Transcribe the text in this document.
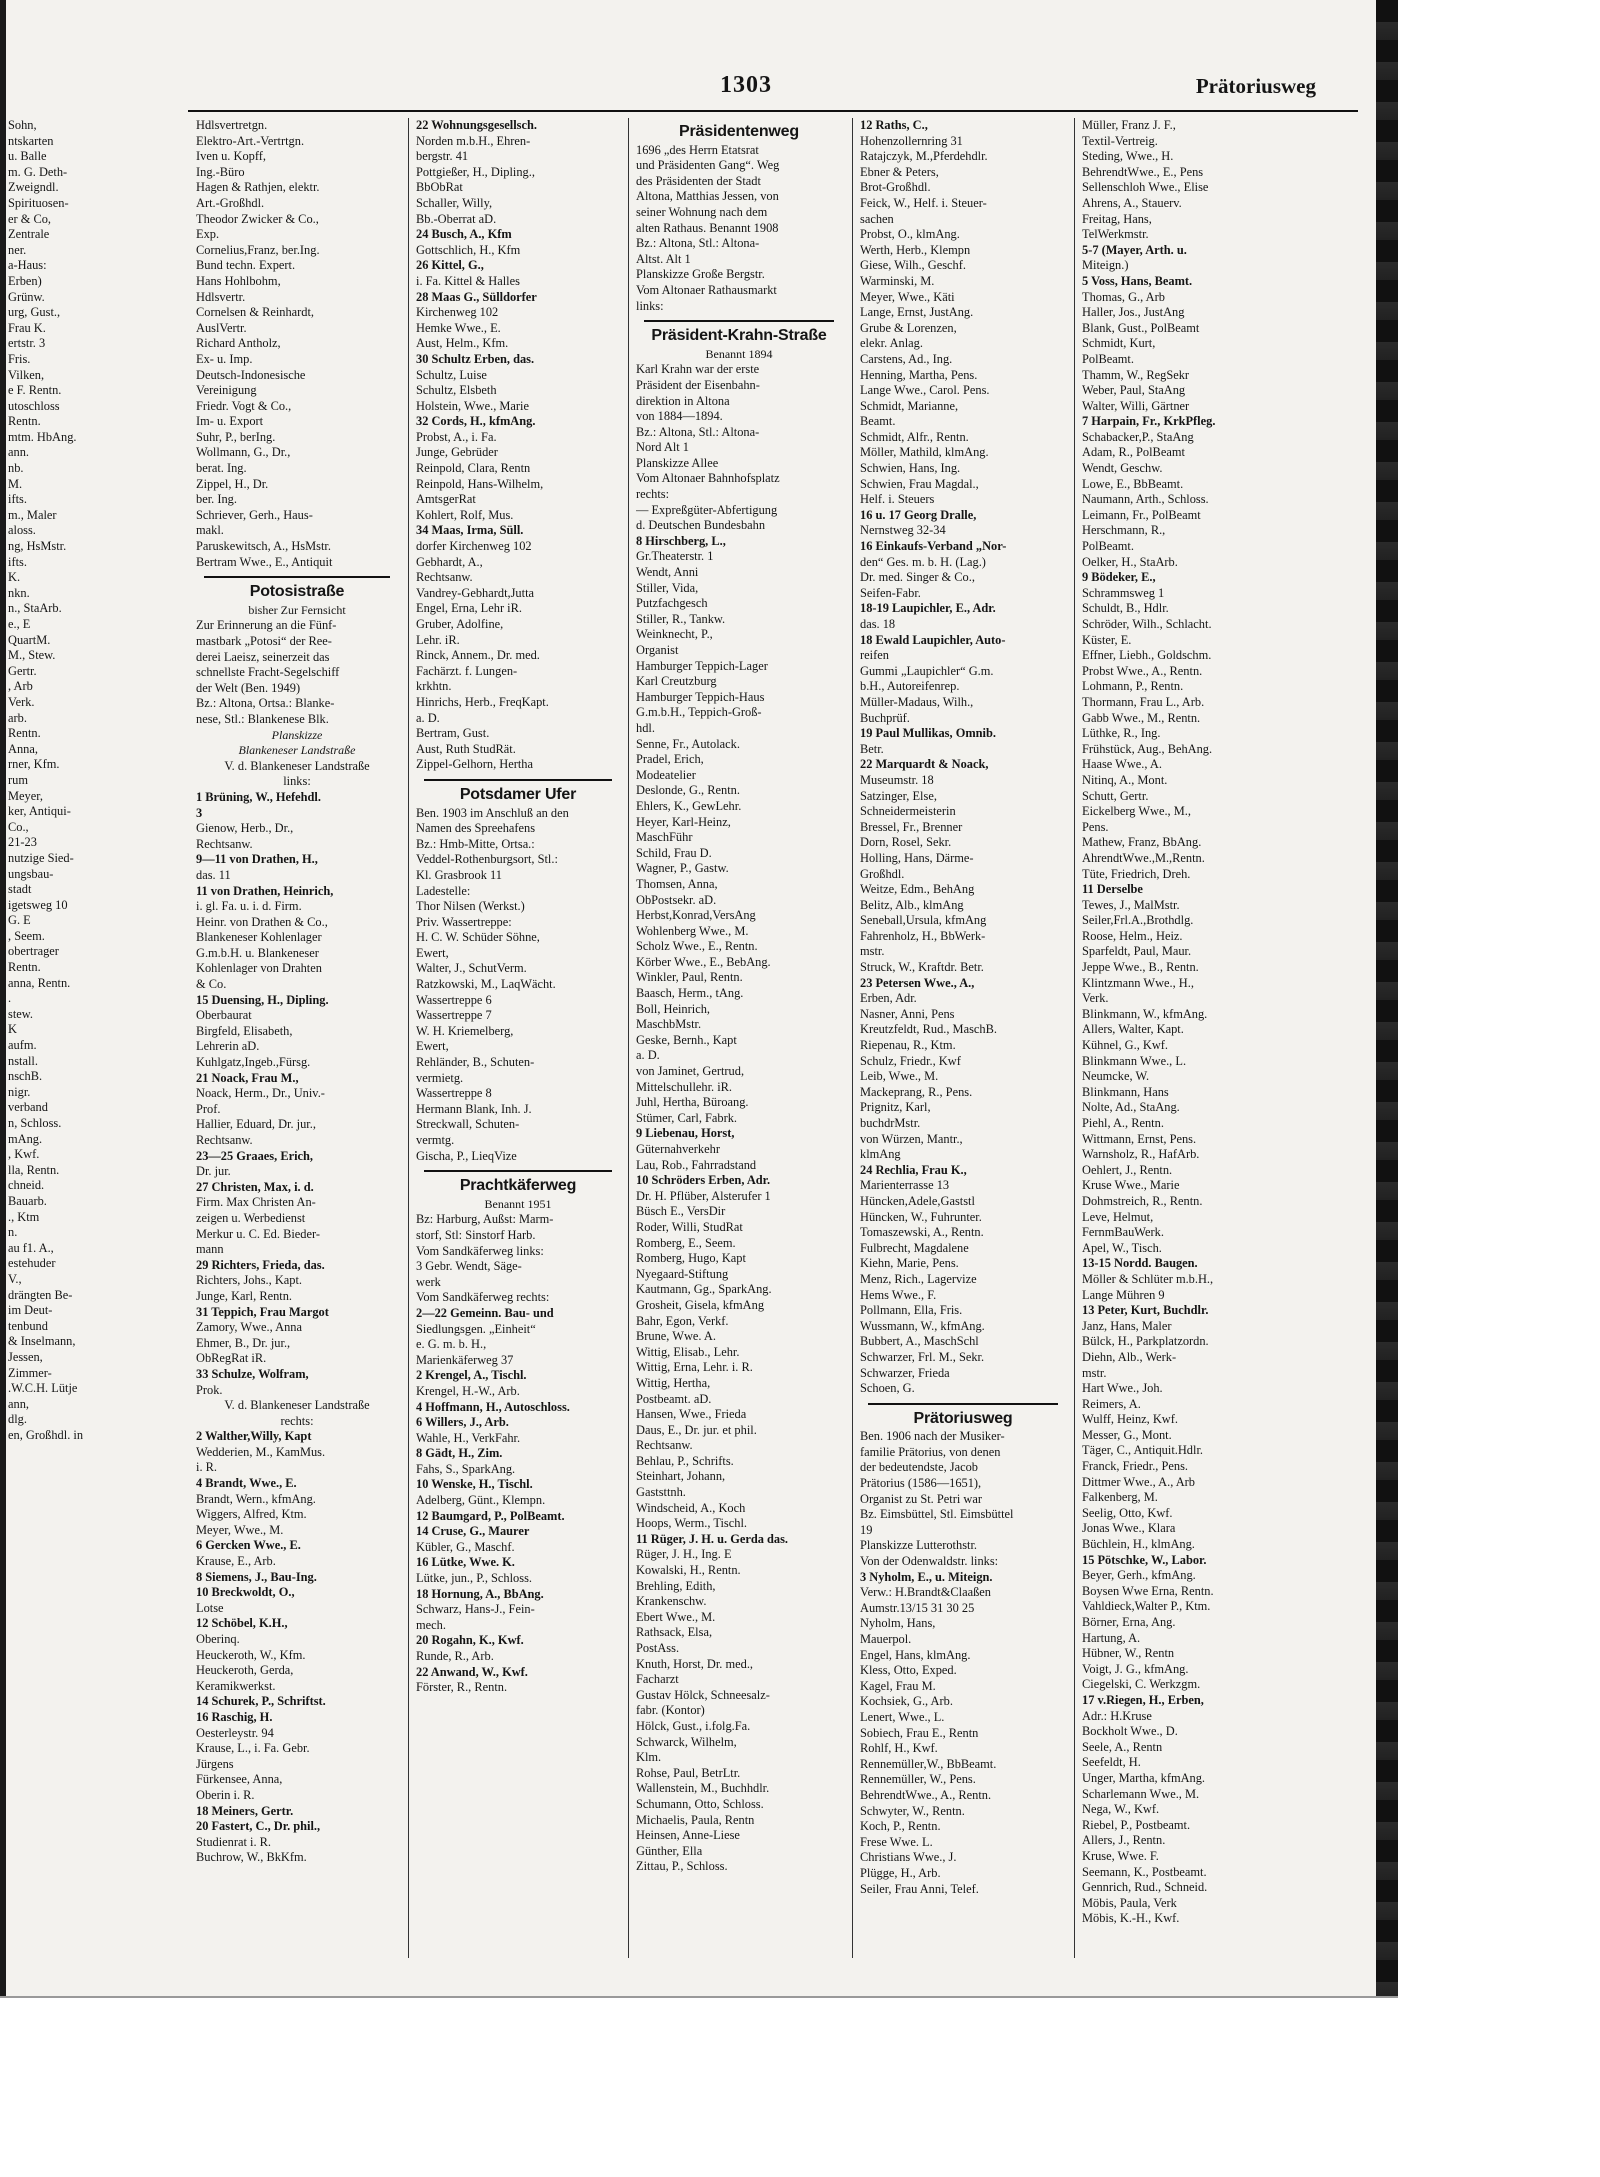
1303	Prätoriusweg
Sohn,
ntskarten
u. Balle
m. G. Deth-
Zweigndl.
Spirituosen-
er & Co,
Zentrale
ner.
a-Haus:
Erben)
Grünw.
urg, Gust.,
Frau K.
ertstr. 3
Fris.
Vilken,
e F. Rentn.
utoschloss
Rentn.
mtm. HbAng.
ann.
nb.
M.
ifts.
m., Maler
aloss.
ng, HsMstr.
ifts.
K.
nkn.
n., StaArb.
e., E
QuartM.
M., Stew.
Gertr.
, Arb
Verk.
arb.
Rentn.
Anna,
rner, Kfm.
rum
Meyer,
ker, Antiqui-
Co.,
21-23
nutzige Sied-
ungsbau-
stadt
igetsweg 10
G. E
, Seem.
obertrager
Rentn.
anna, Rentn.
.
stew.
K
aufm.
nstall.
nschB.
nigr.
verband
n, Schloss.
mAng.
, Kwf.
lla, Rentn.
chneid.
Bauarb.
., Ktm
n.
au f1. A.,
estehuder
V.,
drängten Be-
im Deut-
tenbund
& Inselmann,
Jessen,
Zimmer-
.W.C.H. Lütje
ann,
dlg.
en, Großhdl. in
Hdlsvertretgn.
Elektro-Art.-Vertrtgn.
Iven u. Kopff,
Ing.-Büro
Hagen & Rathjen, elektr.
Art.-Großhdl.
Theodor Zwicker & Co.,
Exp.
Cornelius,Franz, ber.Ing.
Bund techn. Expert.
Hans Hohlbohm,
Hdlsvertr.
Cornelsen & Reinhardt,
AuslVertr.
Richard Antholz,
Ex- u. Imp.
Deutsch-Indonesische
Vereinigung
Friedr. Vogt & Co.,
Im- u. Export
Suhr, P., berIng.
Wollmann, G., Dr.,
berat. Ing.
Zippel, H., Dr.
ber. Ing.
Schriever, Gerh., Haus-
makl.
Paruskewitsch, A., HsMstr.
Bertram Wwe., E., Antiquit
Potosistraße
bisher Zur Fernsicht
Zur Erinnerung an die Fünf-
mastbark „Potosi“ der Ree-
derei Laeisz, seinerzeit das
schnellste Fracht-Segelschiff
der Welt (Ben. 1949)
Bz.: Altona, Ortsa.: Blanke-
nese, Stl.: Blankenese Blk.
Planskizze
Blankeneser Landstraße
V. d. Blankeneser Landstraße
links:
1 Brüning, W., Hefehdl.
3
Gienow, Herb., Dr.,
Rechtsanw.
9—11 von Drathen, H.,
das. 11
11 von Drathen, Heinrich,
i. gl. Fa. u. i. d. Firm.
Heinr. von Drathen & Co.,
Blankeneser Kohlenlager
G.m.b.H. u. Blankeneser
Kohlenlager von Drahten
& Co.
15 Duensing, H., Dipling.
Oberbaurat
Birgfeld, Elisabeth,
Lehrerin aD.
Kuhlgatz,Ingeb.,Fürsg.
21 Noack, Frau M.,
Noack, Herm., Dr., Univ.-
Prof.
Hallier, Eduard, Dr. jur.,
Rechtsanw.
23—25 Graaes, Erich,
Dr. jur.
27 Christen, Max, i. d.
Firm. Max Christen An-
zeigen u. Werbedienst
Merkur u. C. Ed. Bieder-
mann
29 Richters, Frieda, das.
Richters, Johs., Kapt.
Junge, Karl, Rentn.
31 Teppich, Frau Margot
Zamory, Wwe., Anna
Ehmer, B., Dr. jur.,
ObRegRat iR.
33 Schulze, Wolfram,
Prok.
V. d. Blankeneser Landstraße
rechts:
2 Walther,Willy, Kapt
Wedderien, M., KamMus.
i. R.
4 Brandt, Wwe., E.
Brandt, Wern., kfmAng.
Wiggers, Alfred, Ktm.
Meyer, Wwe., M.
6 Gercken Wwe., E.
Krause, E., Arb.
8 Siemens, J., Bau-Ing.
10 Breckwoldt, O.,
Lotse
12 Schöbel, K.H.,
Oberinq.
Heuckeroth, W., Kfm.
Heuckeroth, Gerda,
Keramikwerkst.
14 Schurek, P., Schriftst.
16 Raschig, H.
Oesterleystr. 94
Krause, L., i. Fa. Gebr.
Jürgens
Fürkensee, Anna,
Oberin i. R.
18 Meiners, Gertr.
20 Fastert, C., Dr. phil.,
Studienrat i. R.
Buchrow, W., BkKfm.
22 Wohnungsgesellsch.
Norden m.b.H., Ehren-
bergstr. 41
Pottgießer, H., Dipling.,
BbObRat
Schaller, Willy,
Bb.-Oberrat aD.
24 Busch, A., Kfm
Gottschlich, H., Kfm
26 Kittel, G.,
i. Fa. Kittel & Halles
28 Maas G., Sülldorfer
Kirchenweg 102
Hemke Wwe., E.
Aust, Helm., Kfm.
30 Schultz Erben, das.
Schultz, Luise
Schultz, Elsbeth
Holstein, Wwe., Marie
32 Cords, H., kfmAng.
Probst, A., i. Fa.
Junge, Gebrüder
Reinpold, Clara, Rentn
Reinpold, Hans-Wilhelm,
AmtsgerRat
Kohlert, Rolf, Mus.
34 Maas, Irma, Süll.
dorfer Kirchenweg 102
Gebhardt, A.,
Rechtsanw.
Vandrey-Gebhardt,Jutta
Engel, Erna, Lehr iR.
Gruber, Adolfine,
Lehr. iR.
Rinck, Annem., Dr. med.
Fachärzt. f. Lungen-
krkhtn.
Hinrichs, Herb., FreqKapt.
a. D.
Bertram, Gust.
Aust, Ruth StudRät.
Zippel-Gelhorn, Hertha
Potsdamer Ufer
Ben. 1903 im Anschluß an den
Namen des Spreehafens
Bz.: Hmb-Mitte, Ortsa.:
Veddel-Rothenburgsort, Stl.:
Kl. Grasbrook 11
Ladestelle:
Thor Nilsen (Werkst.)
Priv. Wassertreppe:
H. C. W. Schüder Söhne,
Ewert,
Walter, J., SchutVerm.
Ratzkowski, M., LaqWächt.
Wassertreppe 6
Wassertreppe 7
W. H. Kriemelberg,
Ewert,
Rehländer, B., Schuten-
vermietg.
Wassertreppe 8
Hermann Blank, Inh. J.
Streckwall, Schuten-
vermtg.
Gischa, P., LieqVize
Prachtkäferweg
Benannt 1951
Bz: Harburg, Außst: Marm-
storf, Stl: Sinstorf Harb.
Vom Sandkäferweg links:
3 Gebr. Wendt, Säge-
werk
Vom Sandkäferweg rechts:
2—22 Gemeinn. Bau- und
Siedlungsgen. „Einheit“
e. G. m. b. H.,
Marienkäferweg 37
2 Krengel, A., Tischl.
Krengel, H.-W., Arb.
4 Hoffmann, H., Autoschloss.
6 Willers, J., Arb.
Wahle, H., VerkFahr.
8 Gädt, H., Zim.
Fahs, S., SparkAng.
10 Wenske, H., Tischl.
Adelberg, Günt., Klempn.
12 Baumgard, P., PolBeamt.
14 Cruse, G., Maurer
Kübler, G., Maschf.
16 Lütke, Wwe. K.
Lütke, jun., P., Schloss.
18 Hornung, A., BbAng.
Schwarz, Hans-J., Fein-
mech.
20 Rogahn, K., Kwf.
Runde, R., Arb.
22 Anwand, W., Kwf.
Förster, R., Rentn.
Präsidentenweg
1696 „des Herrn Etatsrat
und Präsidenten Gang“. Weg
des Präsidenten der Stadt
Altona, Matthias Jessen, von
seiner Wohnung nach dem
alten Rathaus. Benannt 1908
Bz.: Altona, Stl.: Altona-
Altst. Alt 1
Planskizze Große Bergstr.
Vom Altonaer Rathausmarkt
links:
Präsident-Krahn-Straße
Benannt 1894
Karl Krahn war der erste
Präsident der Eisenbahn-
direktion in Altona
von 1884—1894.
Bz.: Altona, Stl.: Altona-
Nord Alt 1
Planskizze Allee
Vom Altonaer Bahnhofsplatz
rechts:
— Expreßgüter-Abfertigung
d. Deutschen Bundesbahn
8 Hirschberg, L.,
Gr.Theaterstr. 1
Wendt, Anni
Stiller, Vida,
Putzfachgesch
Stiller, R., Tankw.
Weinknecht, P.,
Organist
Hamburger Teppich-Lager
Karl Creutzburg
Hamburger Teppich-Haus
G.m.b.H., Teppich-Groß-
hdl.
Senne, Fr., Autolack.
Pradel, Erich,
Modeatelier
Deslonde, G., Rentn.
Ehlers, K., GewLehr.
Heyer, Karl-Heinz,
MaschFühr
Schild, Frau D.
Wagner, P., Gastw.
Thomsen, Anna,
ObPostsekr. aD.
Herbst,Konrad,VersAng
Wohlenberg Wwe., M.
Scholz Wwe., E., Rentn.
Körber Wwe., E., BebAng.
Winkler, Paul, Rentn.
Baasch, Herm., tAng.
Boll, Heinrich,
MaschbMstr.
Geske, Bernh., Kapt
a. D.
von Jaminet, Gertrud,
Mittelschullehr. iR.
Juhl, Hertha, Büroang.
Stümer, Carl, Fabrk.
9 Liebenau, Horst,
Güternahverkehr
Lau, Rob., Fahrradstand
10 Schröders Erben, Adr.
Dr. H. Pflüber, Alsterufer 1
Büsch E., VersDir
Roder, Willi, StudRat
Romberg, E., Seem.
Romberg, Hugo, Kapt
Nyegaard-Stiftung
Kautmann, Gg., SparkAng.
Grosheit, Gisela, kfmAng
Bahr, Egon, Verkf.
Brune, Wwe. A.
Wittig, Elisab., Lehr.
Wittig, Erna, Lehr. i. R.
Wittig, Hertha,
Postbeamt. aD.
Hansen, Wwe., Frieda
Daus, E., Dr. jur. et phil.
Rechtsanw.
Behlau, P., Schrifts.
Steinhart, Johann,
Gaststtnh.
Windscheid, A., Koch
Hoops, Werm., Tischl.
11 Rüger, J. H. u. Gerda das.
Rüger, J. H., Ing. E
Kowalski, H., Rentn.
Brehling, Edith,
Krankenschw.
Ebert Wwe., M.
Rathsack, Elsa,
PostAss.
Knuth, Horst, Dr. med.,
Facharzt
Gustav Hölck, Schneesalz-
fabr. (Kontor)
Hölck, Gust., i.folg.Fa.
Schwarck, Wilhelm,
Klm.
Rohse, Paul, BetrLtr.
Wallenstein, M., Buchhdlr.
Schumann, Otto, Schloss.
Michaelis, Paula, Rentn
Heinsen, Anne-Liese
Günther, Ella
Zittau, P., Schloss.
12 Raths, C.,
Hohenzollernring 31
Ratajczyk, M.,Pferdehdlr.
Ebner & Peters,
Brot-Großhdl.
Feick, W., Helf. i. Steuer-
sachen
Probst, O., klmAng.
Werth, Herb., Klempn
Giese, Wilh., Geschf.
Warminski, M.
Meyer, Wwe., Käti
Lange, Ernst, JustAng.
Grube & Lorenzen,
elekr. Anlag.
Carstens, Ad., Ing.
Henning, Martha, Pens.
Lange Wwe., Carol. Pens.
Schmidt, Marianne,
Beamt.
Schmidt, Alfr., Rentn.
Möller, Mathild, klmAng.
Schwien, Hans, Ing.
Schwien, Frau Magdal.,
Helf. i. Steuers
16 u. 17 Georg Dralle,
Nernstweg 32-34
16 Einkaufs-Verband „Nor-
den“ Ges. m. b. H. (Lag.)
Dr. med. Singer & Co.,
Seifen-Fabr.
18-19 Laupichler, E., Adr.
das. 18
18 Ewald Laupichler, Auto-
reifen
Gummi „Laupichler“ G.m.
b.H., Autoreifenrep.
Müller-Madaus, Wilh.,
Buchprüf.
19 Paul Mullikas, Omnib.
Betr.
22 Marquardt & Noack,
Museumstr. 18
Satzinger, Else,
Schneidermeisterin
Bressel, Fr., Brenner
Dorn, Rosel, Sekr.
Holling, Hans, Därme-
Großhdl.
Weitze, Edm., BehAng
Belitz, Alb., klmAng
Seneball,Ursula, kfmAng
Fahrenholz, H., BbWerk-
mstr.
Struck, W., Kraftdr. Betr.
23 Petersen Wwe., A.,
Erben, Adr.
Nasner, Anni, Pens
Kreutzfeldt, Rud., MaschB.
Riepenau, R., Ktm.
Schulz, Friedr., Kwf
Leib, Wwe., M.
Mackeprang, R., Pens.
Prignitz, Karl,
buchdrMstr.
von Würzen, Mantr.,
klmAng
24 Rechlia, Frau K.,
Marienterrasse 13
Hüncken,Adele,Gaststl
Hüncken, W., Fuhrunter.
Tomaszewski, A., Rentn.
Fulbrecht, Magdalene
Kiehn, Marie, Pens.
Menz, Rich., Lagervize
Hems Wwe., F.
Pollmann, Ella, Fris.
Wussmann, W., kfmAng.
Bubbert, A., MaschSchl
Schwarzer, Frl. M., Sekr.
Schwarzer, Frieda
Schoen, G.
Prätoriusweg
Ben. 1906 nach der Musiker-
familie Prätorius, von denen
der bedeutendste, Jacob
Prätorius (1586—1651),
Organist zu St. Petri war
Bz. Eimsbüttel, Stl. Eimsbüttel
19
Planskizze Lutterothstr.
Von der Odenwaldstr. links:
3 Nyholm, E., u. Miteign.
Verw.: H.Brandt&Claaßen
Aumstr.13/15 31 30 25
Nyholm, Hans,
Mauerpol.
Engel, Hans, klmAng.
Kless, Otto, Exped.
Kagel, Frau M.
Kochsiek, G., Arb.
Lenert, Wwe., L.
Sobiech, Frau E., Rentn
Rohlf, H., Kwf.
Rennemüller,W., BbBeamt.
Rennemüller, W., Pens.
BehrendtWwe., A., Rentn.
Schwyter, W., Rentn.
Koch, P., Rentn.
Frese Wwe. L.
Christians Wwe., J.
Plügge, H., Arb.
Seiler, Frau Anni, Telef.
Müller, Franz J. F.,
Textil-Vertreig.
Steding, Wwe., H.
BehrendtWwe., E., Pens
Sellenschloh Wwe., Elise
Ahrens, A., Stauerv.
Freitag, Hans,
TelWerkmstr.
5-7 (Mayer, Arth. u.
Miteign.)
5 Voss, Hans, Beamt.
Thomas, G., Arb
Haller, Jos., JustAng
Blank, Gust., PolBeamt
Schmidt, Kurt,
PolBeamt.
Thamm, W., RegSekr
Weber, Paul, StaAng
Walter, Willi, Gärtner
7 Harpain, Fr., KrkPfleg.
Schabacker,P., StaAng
Adam, R., PolBeamt
Wendt, Geschw.
Lowe, E., BbBeamt.
Naumann, Arth., Schloss.
Leimann, Fr., PolBeamt
Herschmann, R.,
PolBeamt.
Oelker, H., StaArb.
9 Bödeker, E.,
Schrammsweg 1
Schuldt, B., Hdlr.
Schröder, Wilh., Schlacht.
Küster, E.
Effner, Liebh., Goldschm.
Probst Wwe., A., Rentn.
Lohmann, P., Rentn.
Thormann, Frau L., Arb.
Gabb Wwe., M., Rentn.
Lüthke, R., Ing.
Frühstück, Aug., BehAng.
Haase Wwe., A.
Nitinq, A., Mont.
Schutt, Gertr.
Eickelberg Wwe., M.,
Pens.
Mathew, Franz, BbAng.
AhrendtWwe.,M.,Rentn.
Tüte, Friedrich, Dreh.
11 Derselbe
Tewes, J., MalMstr.
Seiler,Frl.A.,Brothdlg.
Roose, Helm., Heiz.
Sparfeldt, Paul, Maur.
Jeppe Wwe., B., Rentn.
Klintzmann Wwe., H.,
Verk.
Blinkmann, W., kfmAng.
Allers, Walter, Kapt.
Kühnel, G., Kwf.
Blinkmann Wwe., L.
Neumcke, W.
Blinkmann, Hans
Nolte, Ad., StaAng.
Piehl, A., Rentn.
Wittmann, Ernst, Pens.
Warnsholz, R., HafArb.
Oehlert, J., Rentn.
Kruse Wwe., Marie
Dohmstreich, R., Rentn.
Leve, Helmut,
FernmBauWerk.
Apel, W., Tisch.
13-15 Nordd. Baugen.
Möller & Schlüter m.b.H.,
Lange Mühren 9
13 Peter, Kurt, Buchdlr.
Janz, Hans, Maler
Bülck, H., Parkplatzordn.
Diehn, Alb., Werk-
mstr.
Hart Wwe., Joh.
Reimers, A.
Wulff, Heinz, Kwf.
Messer, G., Mont.
Täger, C., Antiquit.Hdlr.
Franck, Friedr., Pens.
Dittmer Wwe., A., Arb
Falkenberg, M.
Seelig, Otto, Kwf.
Jonas Wwe., Klara
Büchlein, H., klmAng.
15 Pötschke, W., Labor.
Beyer, Gerh., kfmAng.
Boysen Wwe Erna, Rentn.
Vahldieck,Walter P., Ktm.
Börner, Erna, Ang.
Hartung, A.
Hübner, W., Rentn
Voigt, J. G., kfmAng.
Ciegelski, C. Werkzgm.
17 v.Riegen, H., Erben,
Adr.: H.Kruse
Bockholt Wwe., D.
Seele, A., Rentn
Seefeldt, H.
Unger, Martha, kfmAng.
Scharlemann Wwe., M.
Nega, W., Kwf.
Riebel, P., Postbeamt.
Allers, J., Rentn.
Kruse, Wwe. F.
Seemann, K., Postbeamt.
Gennrich, Rud., Schneid.
Möbis, Paula, Verk
Möbis, K.-H., Kwf.
